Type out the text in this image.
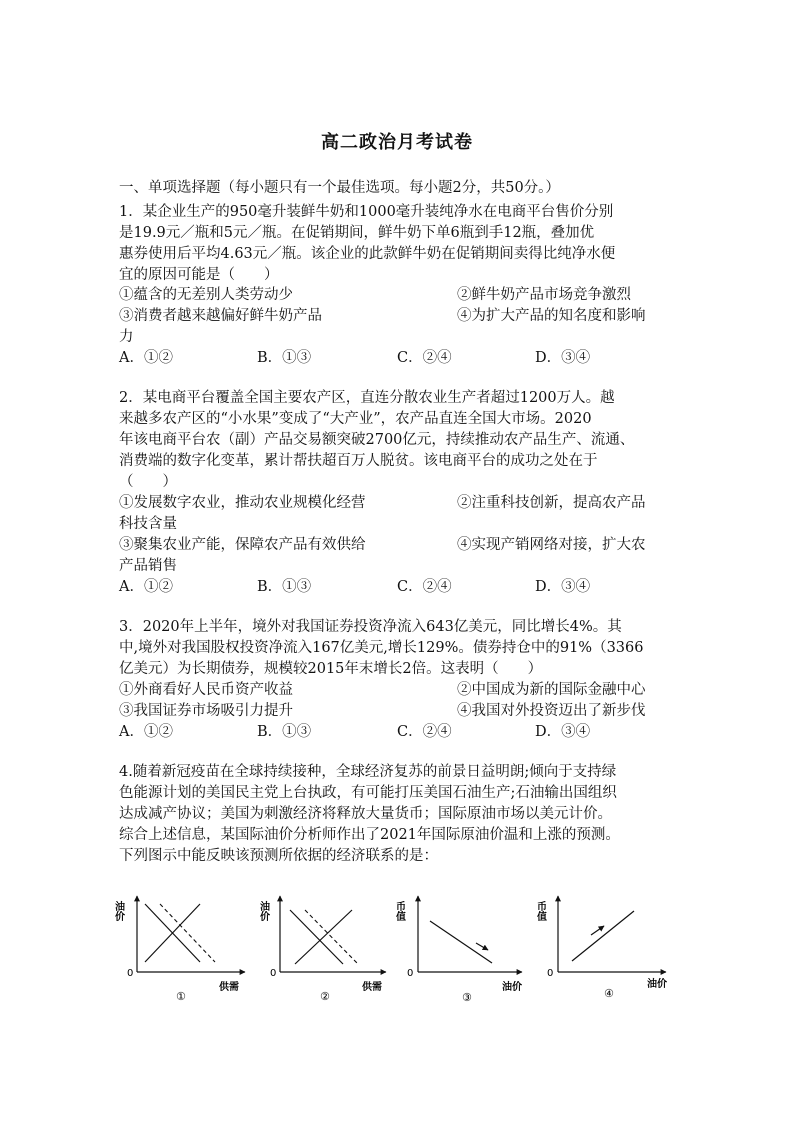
高二政治月考试卷
一、单项选择题（每小题只有一个最佳选项。每小题2分，共50分。）
1．某企业生产的950毫升装鲜牛奶和1000毫升装纯净水在电商平台售价分别
是19.9元／瓶和5元／瓶。在促销期间，鲜牛奶下单6瓶到手12瓶，叠加优
惠券使用后平均4.63元／瓶。该企业的此款鲜牛奶在促销期间卖得比纯净水便
宜的原因可能是（　　）
①蕴含的无差别人类劳动少	②鲜牛奶产品市场竞争激烈
③消费者越来越偏好鲜牛奶产品	④为扩大产品的知名度和影响
力
A．①②	B．①③	C．②④	D．③④
2．某电商平台覆盖全国主要农产区，直连分散农业生产者超过1200万人。越
来越多农产区的“小水果”变成了“大产业”，农产品直连全国大市场。2020
年该电商平台农（副）产品交易额突破2700亿元，持续推动农产品生产、流通、
消费端的数字化变革，累计帮扶超百万人脱贫。该电商平台的成功之处在于
（　　）
①发展数字农业，推动农业规模化经营	②注重科技创新，提高农产品
科技含量
③聚集农业产能，保障农产品有效供给	④实现产销网络对接，扩大农
产品销售
A．①②	B．①③	C．②④	D．③④
3．2020年上半年，境外对我国证券投资净流入643亿美元，同比增长4%。其
中,境外对我国股权投资净流入167亿美元,增长129%。债券持仓中的91%（3366
亿美元）为长期债券，规模较2015年末增长2倍。这表明（　　）
①外商看好人民币资产收益	②中国成为新的国际金融中心
③我国证券市场吸引力提升	④我国对外投资迈出了新步伐
A．①②	B．①③	C．②④	D．③④
4.随着新冠疫苗在全球持续接种，全球经济复苏的前景日益明朗;倾向于支持绿
色能源计划的美国民主党上台执政，有可能打压美国石油生产;石油输出国组织
达成减产协议；美国为刺激经济将释放大量货币；国际原油市场以美元计价。
综合上述信息，某国际油价分析师作出了2021年国际原油价温和上涨的预测。
下列图示中能反映该预测所依据的经济联系的是：
油价
0
供需
①
油价
0
供需
②
币值
0
油价
③
币值
0
油价
④
